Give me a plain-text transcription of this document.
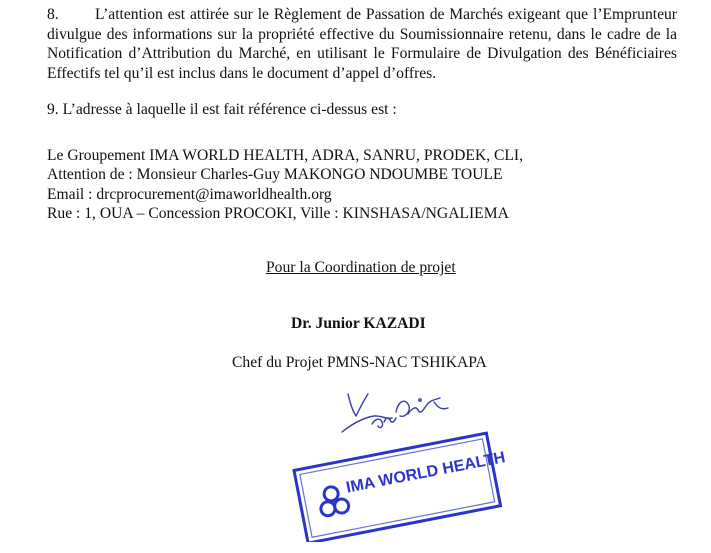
8. L’attention est attirée sur le Règlement de Passation de Marchés exigeant que l’Emprunteur divulgue des informations sur la propriété effective du Soumissionnaire retenu, dans le cadre de la Notification d’Attribution du Marché, en utilisant le Formulaire de Divulgation des Bénéficiaires Effectifs tel qu’il est inclus dans le document d’appel d’offres.
9. L’adresse à laquelle il est fait référence ci-dessus est :
Le Groupement IMA WORLD HEALTH, ADRA, SANRU, PRODEK, CLI,
Attention de : Monsieur Charles-Guy MAKONGO NDOUMBE TOULE
Email : drcprocurement@imaworldhealth.org
Rue : 1, OUA – Concession PROCOKI, Ville : KINSHASA/NGALIEMA
Pour la Coordination de projet
Dr. Junior KAZADI
Chef du Projet PMNS-NAC TSHIKAPA
IMA WORLD HEALTH
